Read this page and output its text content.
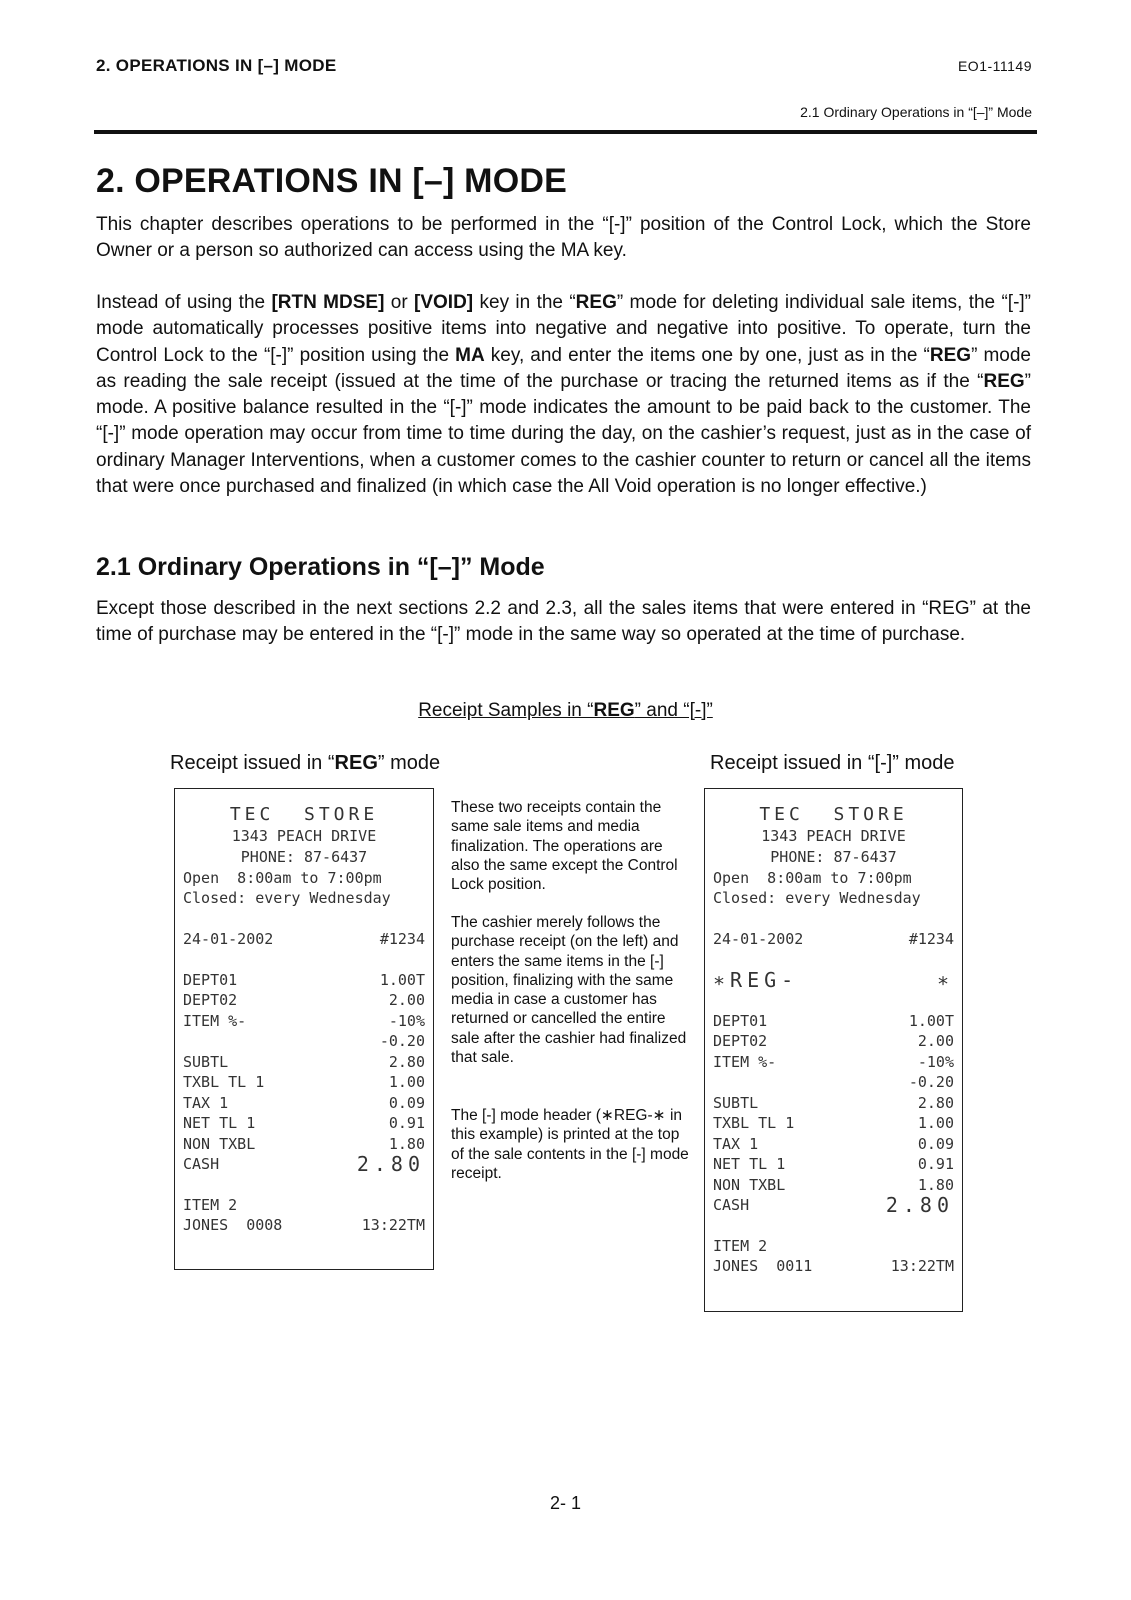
2. OPERATIONS IN [–] MODE	EO1-11149
2.1 Ordinary Operations in “[–]” Mode
2. OPERATIONS IN [–] MODE

This chapter describes operations to be performed in the “[-]” position of the Control Lock, which the Store Owner or a person so authorized can access using the MA key.

Instead of using the [RTN MDSE] or [VOID] key in the “REG” mode for deleting individual sale items, the “[-]” mode automatically processes positive items into negative and negative into positive. To operate, turn the Control Lock to the “[-]” position using the MA key, and enter the items one by one, just as in the “REG” mode as reading the sale receipt (issued at the time of the purchase or tracing the returned items as if the “REG” mode. A positive balance resulted in the “[-]” mode indicates the amount to be paid back to the customer. The “[-]” mode operation may occur from time to time during the day, on the cashier’s request, just as in the case of ordinary Manager Interventions, when a customer comes to the cashier counter to return or cancel all the items that were once purchased and finalized (in which case the All Void operation is no longer effective.)

2.1 Ordinary Operations in “[–]” Mode

Except those described in the next sections 2.2 and 2.3, all the sales items that were entered in “REG” at the time of purchase may be entered in the “[-]” mode in the same way so operated at the time of purchase.

Receipt Samples in “REG” and “[-]”
Receipt issued in “REG” mode	Receipt issued in “[-]” mode
TEC  STORE
1343 PEACH DRIVE
PHONE: 87-6437
Open  8:00am to 7:00pm
Closed: every Wednesday
24-01-2002	#1234
DEPT01	1.00T
DEPT02	2.00
ITEM %-	-10%
-0.20
SUBTL	2.80
TXBL TL 1	1.00
TAX 1	0.09
NET TL 1	0.91
NON TXBL	1.80
CASH	2.80
ITEM 2
JONES  0008	13:22TM

These two receipts contain the same sale items and media finalization. The operations are also the same except the Control Lock position.

The cashier merely follows the purchase receipt (on the left) and enters the same items in the [-] position, finalizing with the same media in case a customer has returned or cancelled the entire sale after the cashier had finalized that sale.

The [-] mode header (∗REG-∗ in this example) is printed at the top of the sale contents in the [-] mode receipt.

TEC  STORE
1343 PEACH DRIVE
PHONE: 87-6437
Open  8:00am to 7:00pm
Closed: every Wednesday
24-01-2002	#1234
∗REG-	∗
DEPT01	1.00T
DEPT02	2.00
ITEM %-	-10%
-0.20
SUBTL	2.80
TXBL TL 1	1.00
TAX 1	0.09
NET TL 1	0.91
NON TXBL	1.80
CASH	2.80
ITEM 2
JONES  0011	13:22TM
2- 1
